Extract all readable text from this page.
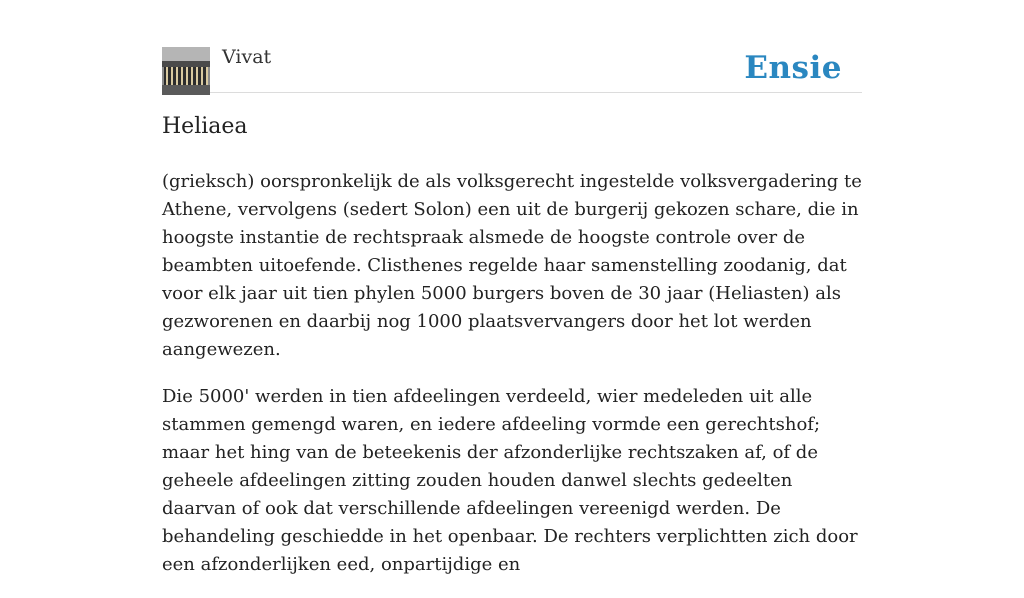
Vivat	Ensie
Heliaea

(grieksch) oorspronkelijk de als volksgerecht ingestelde volksvergadering te Athene, vervolgens (sedert Solon) een uit de burgerij gekozen schare, die in hoogste instantie de rechtspraak alsmede de hoogste controle over de beambten uitoefende. Clisthenes regelde haar samenstelling zoodanig, dat voor elk jaar uit tien phylen 5000 burgers boven de 30 jaar (Heliasten) als gezworenen en daarbij nog 1000 plaatsvervangers door het lot werden aangewezen.

Die 5000' werden in tien afdeelingen verdeeld, wier medeleden uit alle stammen gemengd waren, en iedere afdeeling vormde een gerechtshof; maar het hing van de beteekenis der afzonderlijke rechtszaken af, of de geheele afdeelingen zitting zouden houden danwel slechts gedeelten daarvan of ook dat verschillende afdeelingen vereenigd werden. De behandeling geschiedde in het openbaar. De rechters verplichtten zich door een afzonderlijken eed, onpartijdige en
